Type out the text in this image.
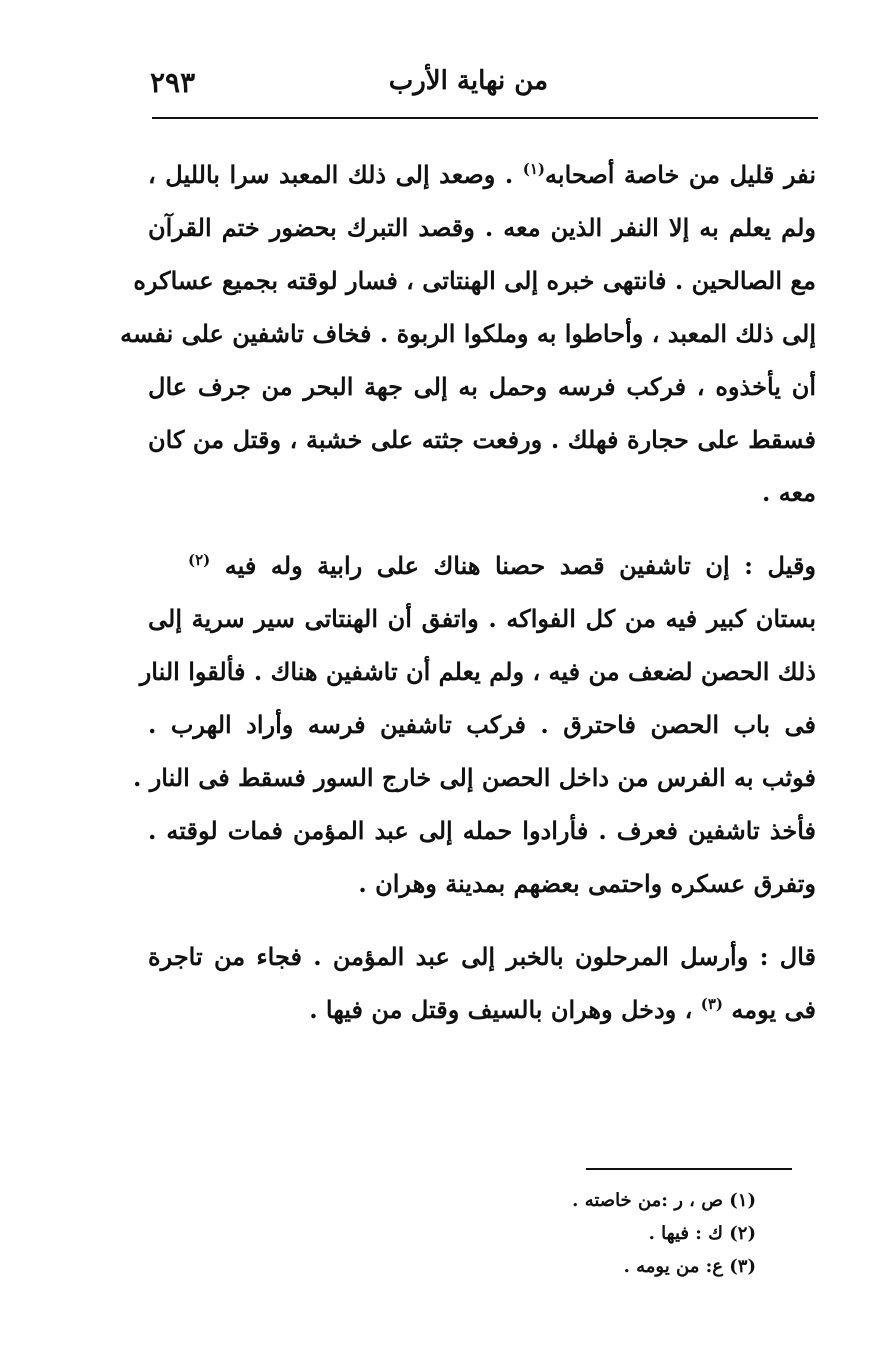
من نهاية الأرب
٢٩٣
نفر قليل من خاصة أصحابه$^{(١)}$ . وصعد إلى ذلك المعبد سرا بالليل ،
ولم يعلم به إلا النفر الذين معه . وقصد التبرك بحضور ختم القرآن
مع الصالحين . فانتهى خبره إلى الهنتاتى ، فسار لوقته بجميع عساكره
إلى ذلك المعبد ، وأحاطوا به وملكوا الربوة . فخاف تاشفين على نفسه
أن يأخذوه ، فركب فرسه وحمل به إلى جهة البحر من جرف عال
فسقط على حجارة فهلك . ورفعت جثته على خشبة ، وقتل من كان
معه .
وقيل : إن تاشفين قصد حصنا هناك على رابية وله فيه $^{(٢)}$
بستان كبير فيه من كل الفواكه . واتفق أن الهنتاتى سير سرية إلى
ذلك الحصن لضعف من فيه ، ولم يعلم أن تاشفين هناك . فألقوا النار
فى باب الحصن فاحترق . فركب تاشفين فرسه وأراد الهرب .
فوثب به الفرس من داخل الحصن إلى خارج السور فسقط فى النار .
فأخذ تاشفين فعرف . فأرادوا حمله إلى عبد المؤمن فمات لوقته .
وتفرق عسكره واحتمى بعضهم بمدينة وهران .
قال : وأرسل المرحلون بالخبر إلى عبد المؤمن . فجاء من تاجرة
فى يومه $^{(٣)}$ ، ودخل وهران بالسيف وقتل من فيها .
(١) ص ، ر :من خاصته .
(٢) ك : فيها .
(٣) ع: من يومه .
